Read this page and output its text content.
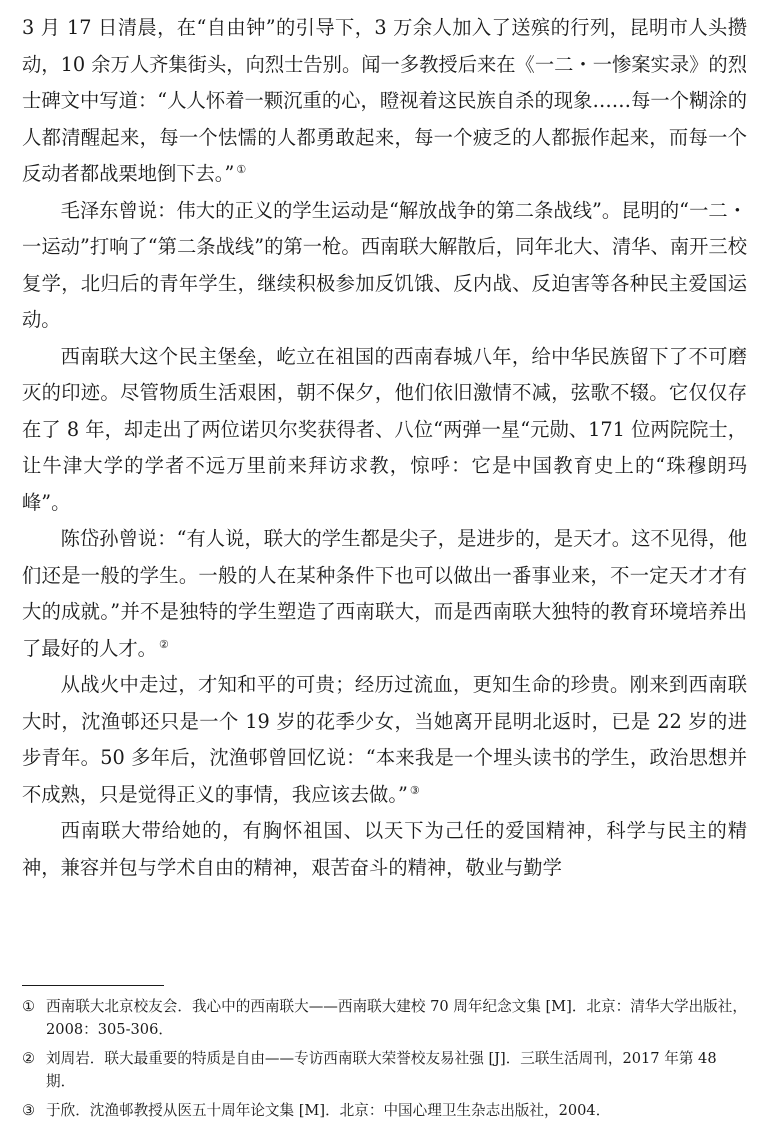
3 月 17 日清晨，在“自由钟”的引导下，3 万余人加入了送殡的行列，昆明市人头攒动，10 余万人齐集街头，向烈士告别。闻一多教授后来在《一二・一惨案实录》的烈士碑文中写道：“人人怀着一颗沉重的心，瞪视着这民族自杀的现象……每一个糊涂的人都清醒起来，每一个怯懦的人都勇敢起来，每一个疲乏的人都振作起来，而每一个反动者都战栗地倒下去。” ①

毛泽东曾说：伟大的正义的学生运动是“解放战争的第二条战线”。昆明的“一二・一运动”打响了“第二条战线”的第一枪。西南联大解散后，同年北大、清华、南开三校复学，北归后的青年学生，继续积极参加反饥饿、反内战、反迫害等各种民主爱国运动。

西南联大这个民主堡垒，屹立在祖国的西南春城八年，给中华民族留下了不可磨灭的印迹。尽管物质生活艰困，朝不保夕，他们依旧激情不减，弦歌不辍。它仅仅存在了 8 年，却走出了两位诺贝尔奖获得者、八位“两弹一星“元勋、171 位两院院士，让牛津大学的学者不远万里前来拜访求教，惊呼：它是中国教育史上的“珠穆朗玛峰”。

陈岱孙曾说：“有人说，联大的学生都是尖子，是进步的，是天才。这不见得，他们还是一般的学生。一般的人在某种条件下也可以做出一番事业来，不一定天才才有大的成就。”并不是独特的学生塑造了西南联大，而是西南联大独特的教育环境培养出了最好的人才。 ②

从战火中走过，才知和平的可贵；经历过流血，更知生命的珍贵。刚来到西南联大时，沈渔邨还只是一个 19 岁的花季少女，当她离开昆明北返时，已是 22 岁的进步青年。50 多年后，沈渔邨曾回忆说：“本来我是一个埋头读书的学生，政治思想并不成熟，只是觉得正义的事情，我应该去做。” ③

西南联大带给她的，有胸怀祖国、以天下为己任的爱国精神，科学与民主的精神，兼容并包与学术自由的精神，艰苦奋斗的精神，敬业与勤学

① 西南联大北京校友会．我心中的西南联大——西南联大建校 70 周年纪念文集 [M]．北京：清华大学出版社，2008：305-306．
② 刘周岩．联大最重要的特质是自由——专访西南联大荣誉校友易社强 [J]．三联生活周刊，2017 年第 48 期．
③ 于欣．沈渔邨教授从医五十周年论文集 [M]．北京：中国心理卫生杂志出版社，2004．
